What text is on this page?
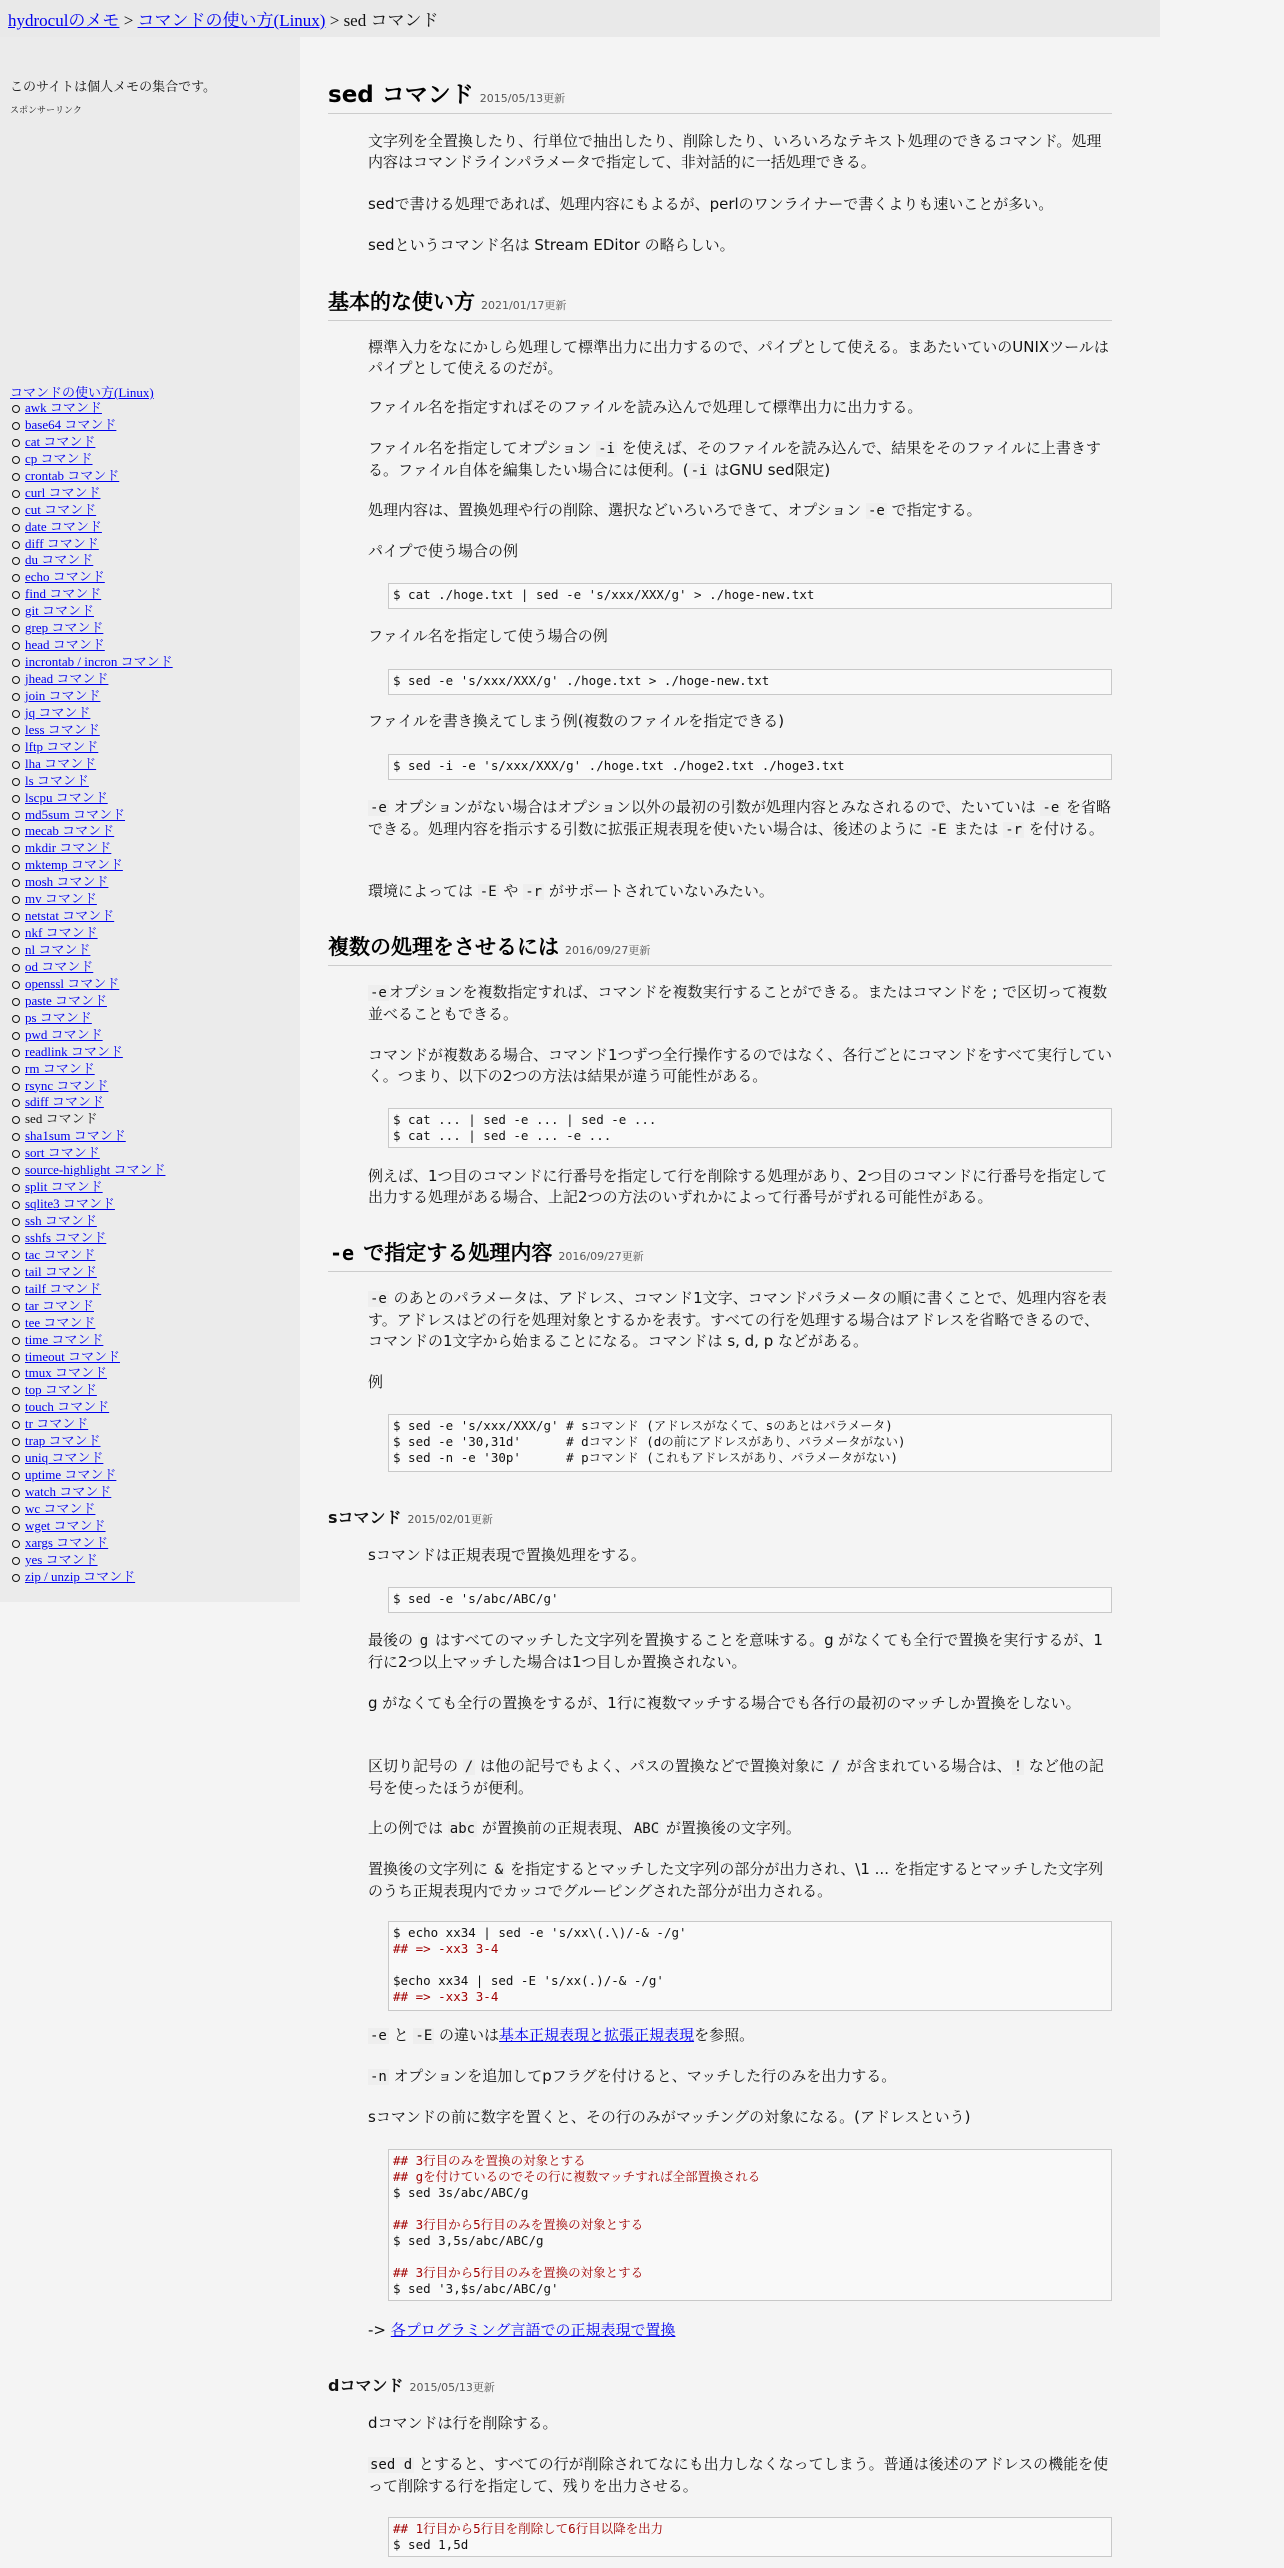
hydroculのメモ > コマンドの使い方(Linux) > sed コマンド
このサイトは個人メモの集合です。
スポンサーリンク
コマンドの使い方(Linux)
awk コマンド
base64 コマンド
cat コマンド
cp コマンド
crontab コマンド
curl コマンド
cut コマンド
date コマンド
diff コマンド
du コマンド
echo コマンド
find コマンド
git コマンド
grep コマンド
head コマンド
incrontab / incron コマンド
jhead コマンド
join コマンド
jq コマンド
less コマンド
lftp コマンド
lha コマンド
ls コマンド
lscpu コマンド
md5sum コマンド
mecab コマンド
mkdir コマンド
mktemp コマンド
mosh コマンド
mv コマンド
netstat コマンド
nkf コマンド
nl コマンド
od コマンド
openssl コマンド
paste コマンド
ps コマンド
pwd コマンド
readlink コマンド
rm コマンド
rsync コマンド
sdiff コマンド
sed コマンド
sha1sum コマンド
sort コマンド
source-highlight コマンド
split コマンド
sqlite3 コマンド
ssh コマンド
sshfs コマンド
tac コマンド
tail コマンド
tailf コマンド
tar コマンド
tee コマンド
time コマンド
timeout コマンド
tmux コマンド
top コマンド
touch コマンド
tr コマンド
trap コマンド
uniq コマンド
uptime コマンド
watch コマンド
wc コマンド
wget コマンド
xargs コマンド
yes コマンド
zip / unzip コマンド
sed コマンド 2015/05/13更新
文字列を全置換したり、行単位で抽出したり、削除したり、いろいろなテキスト処理のできるコマンド。処理内容はコマンドラインパラメータで指定して、非対話的に一括処理できる。
sedで書ける処理であれば、処理内容にもよるが、perlのワンライナーで書くよりも速いことが多い。
sedというコマンド名は Stream EDitor の略らしい。
基本的な使い方 2021/01/17更新
標準入力をなにかしら処理して標準出力に出力するので、パイプとして使える。まあたいていのUNIXツールはパイプとして使えるのだが。
ファイル名を指定すればそのファイルを読み込んで処理して標準出力に出力する。
ファイル名を指定してオプション -i を使えば、そのファイルを読み込んで、結果をそのファイルに上書きする。ファイル自体を編集したい場合には便利。( -i はGNU sed限定)
処理内容は、置換処理や行の削除、選択などいろいろできて、オプション -e で指定する。
パイプで使う場合の例
$ cat ./hoge.txt | sed -e 's/xxx/XXX/g' > ./hoge-new.txt
ファイル名を指定して使う場合の例
$ sed -e 's/xxx/XXX/g' ./hoge.txt > ./hoge-new.txt
ファイルを書き換えてしまう例(複数のファイルを指定できる)
$ sed -i -e 's/xxx/XXX/g' ./hoge.txt ./hoge2.txt ./hoge3.txt
-e オプションがない場合はオプション以外の最初の引数が処理内容とみなされるので、たいていは -e を省略できる。処理内容を指示する引数に拡張正規表現を使いたい場合は、後述のように -E または -r を付ける。
環境によっては -E や -r がサポートされていないみたい。
複数の処理をさせるには 2016/09/27更新
-e オプションを複数指定すれば、コマンドを複数実行することができる。またはコマンドを ; で区切って複数並べることもできる。
コマンドが複数ある場合、コマンド1つずつ全行操作するのではなく、各行ごとにコマンドをすべて実行していく。つまり、以下の2つの方法は結果が違う可能性がある。
$ cat ... | sed -e ... | sed -e ...
$ cat ... | sed -e ... -e ...
例えば、1つ目のコマンドに行番号を指定して行を削除する処理があり、2つ目のコマンドに行番号を指定して出力する処理がある場合、上記2つの方法のいずれかによって行番号がずれる可能性がある。
-e で指定する処理内容 2016/09/27更新
-e のあとのパラメータは、アドレス、コマンド1文字、コマンドパラメータの順に書くことで、処理内容を表す。アドレスはどの行を処理対象とするかを表す。すべての行を処理する場合はアドレスを省略できるので、コマンドの1文字から始まることになる。コマンドは s, d, p などがある。
例
$ sed -e 's/xxx/XXX/g' # sコマンド (アドレスがなくて、sのあとはパラメータ)
$ sed -e '30,31d'      # dコマンド (dの前にアドレスがあり、パラメータがない)
$ sed -n -e '30p'      # pコマンド (これもアドレスがあり、パラメータがない)
sコマンド 2015/02/01更新
sコマンドは正規表現で置換処理をする。
$ sed -e 's/abc/ABC/g'
最後の g はすべてのマッチした文字列を置換することを意味する。g がなくても全行で置換を実行するが、1行に2つ以上マッチした場合は1つ目しか置換されない。
g がなくても全行の置換をするが、1行に複数マッチする場合でも各行の最初のマッチしか置換をしない。
区切り記号の / は他の記号でもよく、パスの置換などで置換対象に / が含まれている場合は、 ! など他の記号を使ったほうが便利。
上の例では abc が置換前の正規表現、 ABC が置換後の文字列。
置換後の文字列に & を指定するとマッチした文字列の部分が出力され、\1 ... を指定するとマッチした文字列のうち正規表現内でカッコでグルーピングされた部分が出力される。
$ echo xx34 | sed -e 's/xx\(.\)/-& -/g'
## => -xx3 3-4
$echo xx34 | sed -E 's/xx(.)/-& -/g'
## => -xx3 3-4
-e と -E の違いは基本正規表現と拡張正規表現を参照。
-n オプションを追加してpフラグを付けると、マッチした行のみを出力する。
sコマンドの前に数字を置くと、その行のみがマッチングの対象になる。(アドレスという)
## 3行目のみを置換の対象とする
## gを付けているのでその行に複数マッチすれば全部置換される
$ sed 3s/abc/ABC/g
## 3行目から5行目のみを置換の対象とする
$ sed 3,5s/abc/ABC/g
## 3行目から5行目のみを置換の対象とする
$ sed '3,$s/abc/ABC/g'
-> 各プログラミング言語での正規表現で置換
dコマンド 2015/05/13更新
dコマンドは行を削除する。
sed d とすると、すべての行が削除されてなにも出力しなくなってしまう。普通は後述のアドレスの機能を使って削除する行を指定して、残りを出力させる。
## 1行目から5行目を削除して6行目以降を出力
$ sed 1,5d
